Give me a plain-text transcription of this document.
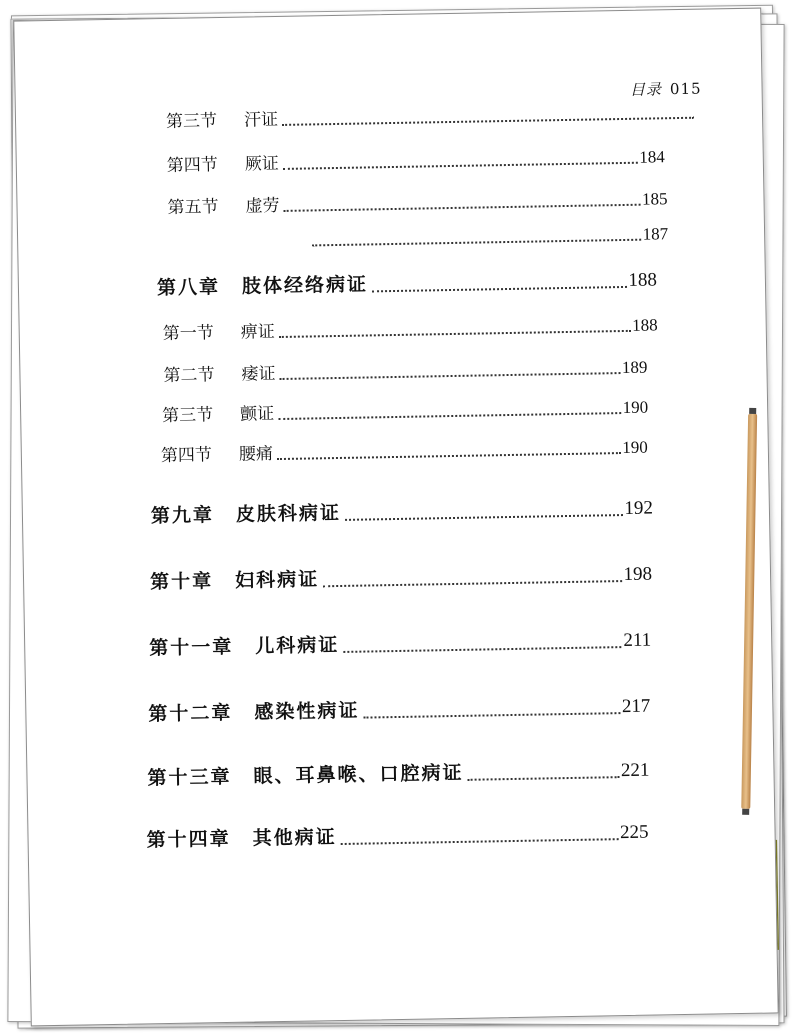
目录 015
第三节	汗证
第四节	厥证	184
第五节	虚劳	185
187
第八章 肢体经络病证	188
第一节	痹证	188
第二节	痿证	189
第三节	颤证	190
第四节	腰痛	190
第九章 皮肤科病证	192
第十章 妇科病证	198
第十一章 儿科病证	211
第十二章 感染性病证	217
第十三章 眼、耳鼻喉、口腔病证	221
第十四章 其他病证	225
